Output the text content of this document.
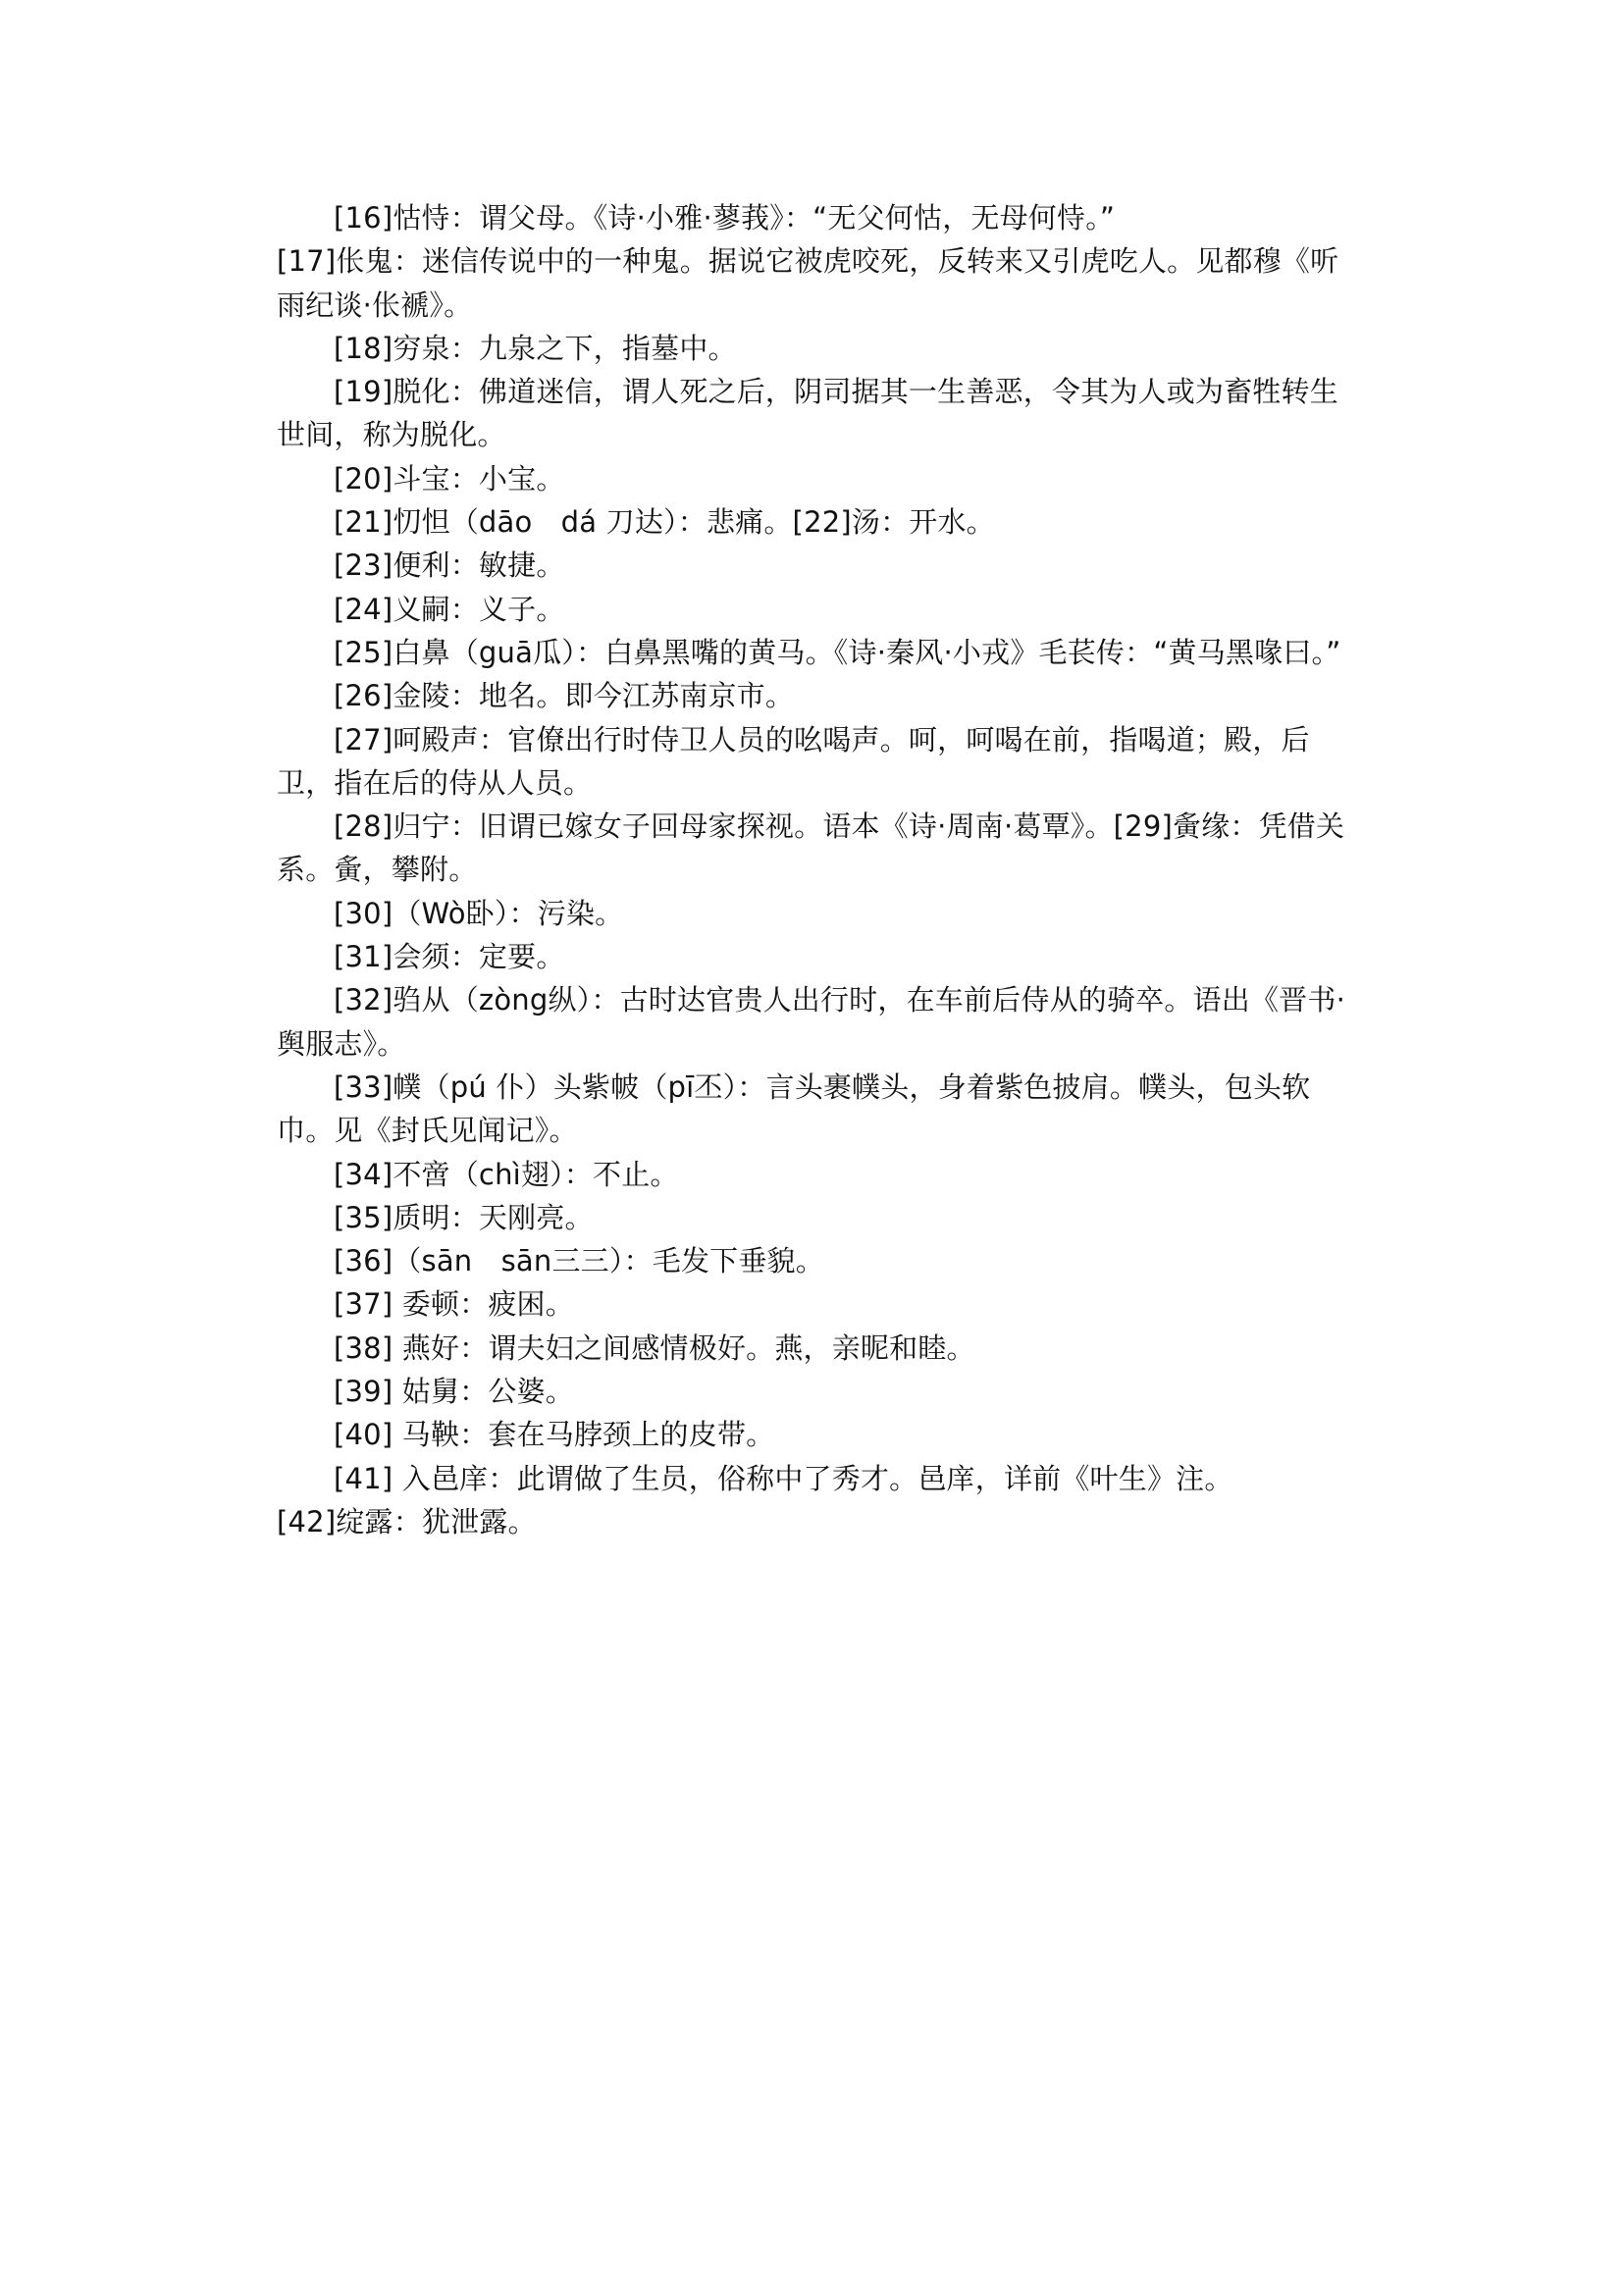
[16]怙恃：谓父母。《诗·小雅·蓼莪》：“无父何怙，无母何恃。”

[17]伥鬼：迷信传说中的一种鬼。据说它被虎咬死，反转来又引虎吃人。见都穆《听雨纪谈·伥褫》。

[18]穷泉：九泉之下，指墓中。

[19]脱化：佛道迷信，谓人死之后，阴司据其一生善恶，令其为人或为畜牲转生世间，称为脱化。

[20]斗宝：小宝。

[21]忉怛（dāo　dá 刀达）：悲痛。[22]汤：开水。

[23]便利：敏捷。

[24]义嗣：义子。

[25]白鼻（guā瓜）：白鼻黑嘴的黄马。《诗·秦风·小戎》毛苌传：“黄马黑喙曰。”

[26]金陵：地名。即今江苏南京市。

[27]呵殿声：官僚出行时侍卫人员的吆喝声。呵，呵喝在前，指喝道；殿，后卫，指在后的侍从人员。

[28]归宁：旧谓已嫁女子回母家探视。语本《诗·周南·葛覃》。[29]夤缘：凭借关系。夤，攀附。

[30]（Wò卧）：污染。

[31]会须：定要。

[32]驺从（zòng纵）：古时达官贵人出行时，在车前后侍从的骑卒。语出《晋书·舆服志》。

[33]幞（pú 仆）头紫帔（pī丕）：言头裹幞头，身着紫色披肩。幞头，包头软巾。见《封氏见闻记》。

[34]不啻（chì翅）：不止。

[35]质明：天刚亮。

[36]（sān　sān三三）：毛发下垂貌。

[37] 委顿：疲困。

[38] 燕好：谓夫妇之间感情极好。燕，亲昵和睦。

[39] 姑舅：公婆。

[40] 马鞅：套在马脖颈上的皮带。

[41] 入邑庠：此谓做了生员，俗称中了秀才。邑庠，详前《叶生》注。

[42]绽露：犹泄露。
